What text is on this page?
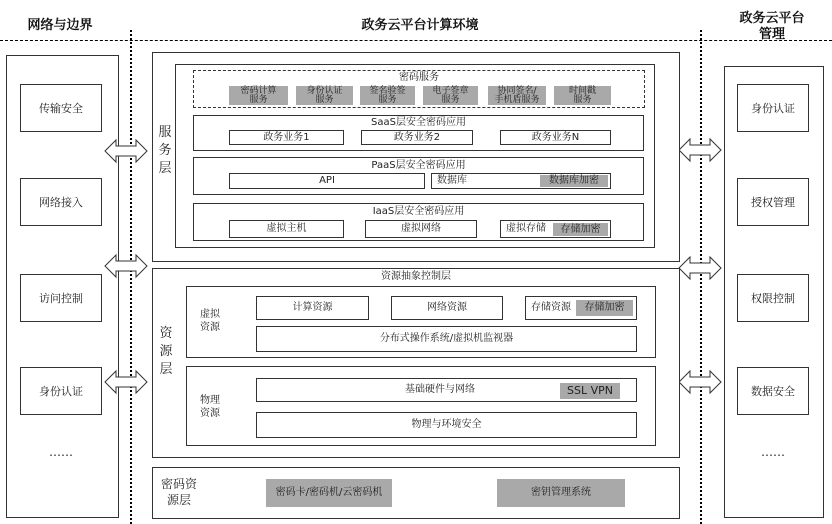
网络与边界	政务云平台计算环境	政务云平台
管理
传输安全
网络接入
访问控制
身份认证
……
身份认证
授权管理
权限控制
数据安全
……
服务层
密码服务
密码计算
服务
身份认证
服务
签名验签
服务
电子签章
服务
协同签名/
手机盾服务
时间戳
服务
SaaS层安全密码应用
政务业务1	政务业务2	政务业务N
PaaS层安全密码应用
API	数据库	数据库加密
IaaS层安全密码应用
虚拟主机	虚拟网络	虚拟存储	存储加密
资源抽象控制层
资源层
虚拟
资源
计算资源	网络资源	存储资源	存储加密
分布式操作系统/虚拟机监视器
物理
资源
基础硬件与网络	SSL VPN
物理与环境安全
密码资
源层
密码卡/密码机/云密码机	密钥管理系统
